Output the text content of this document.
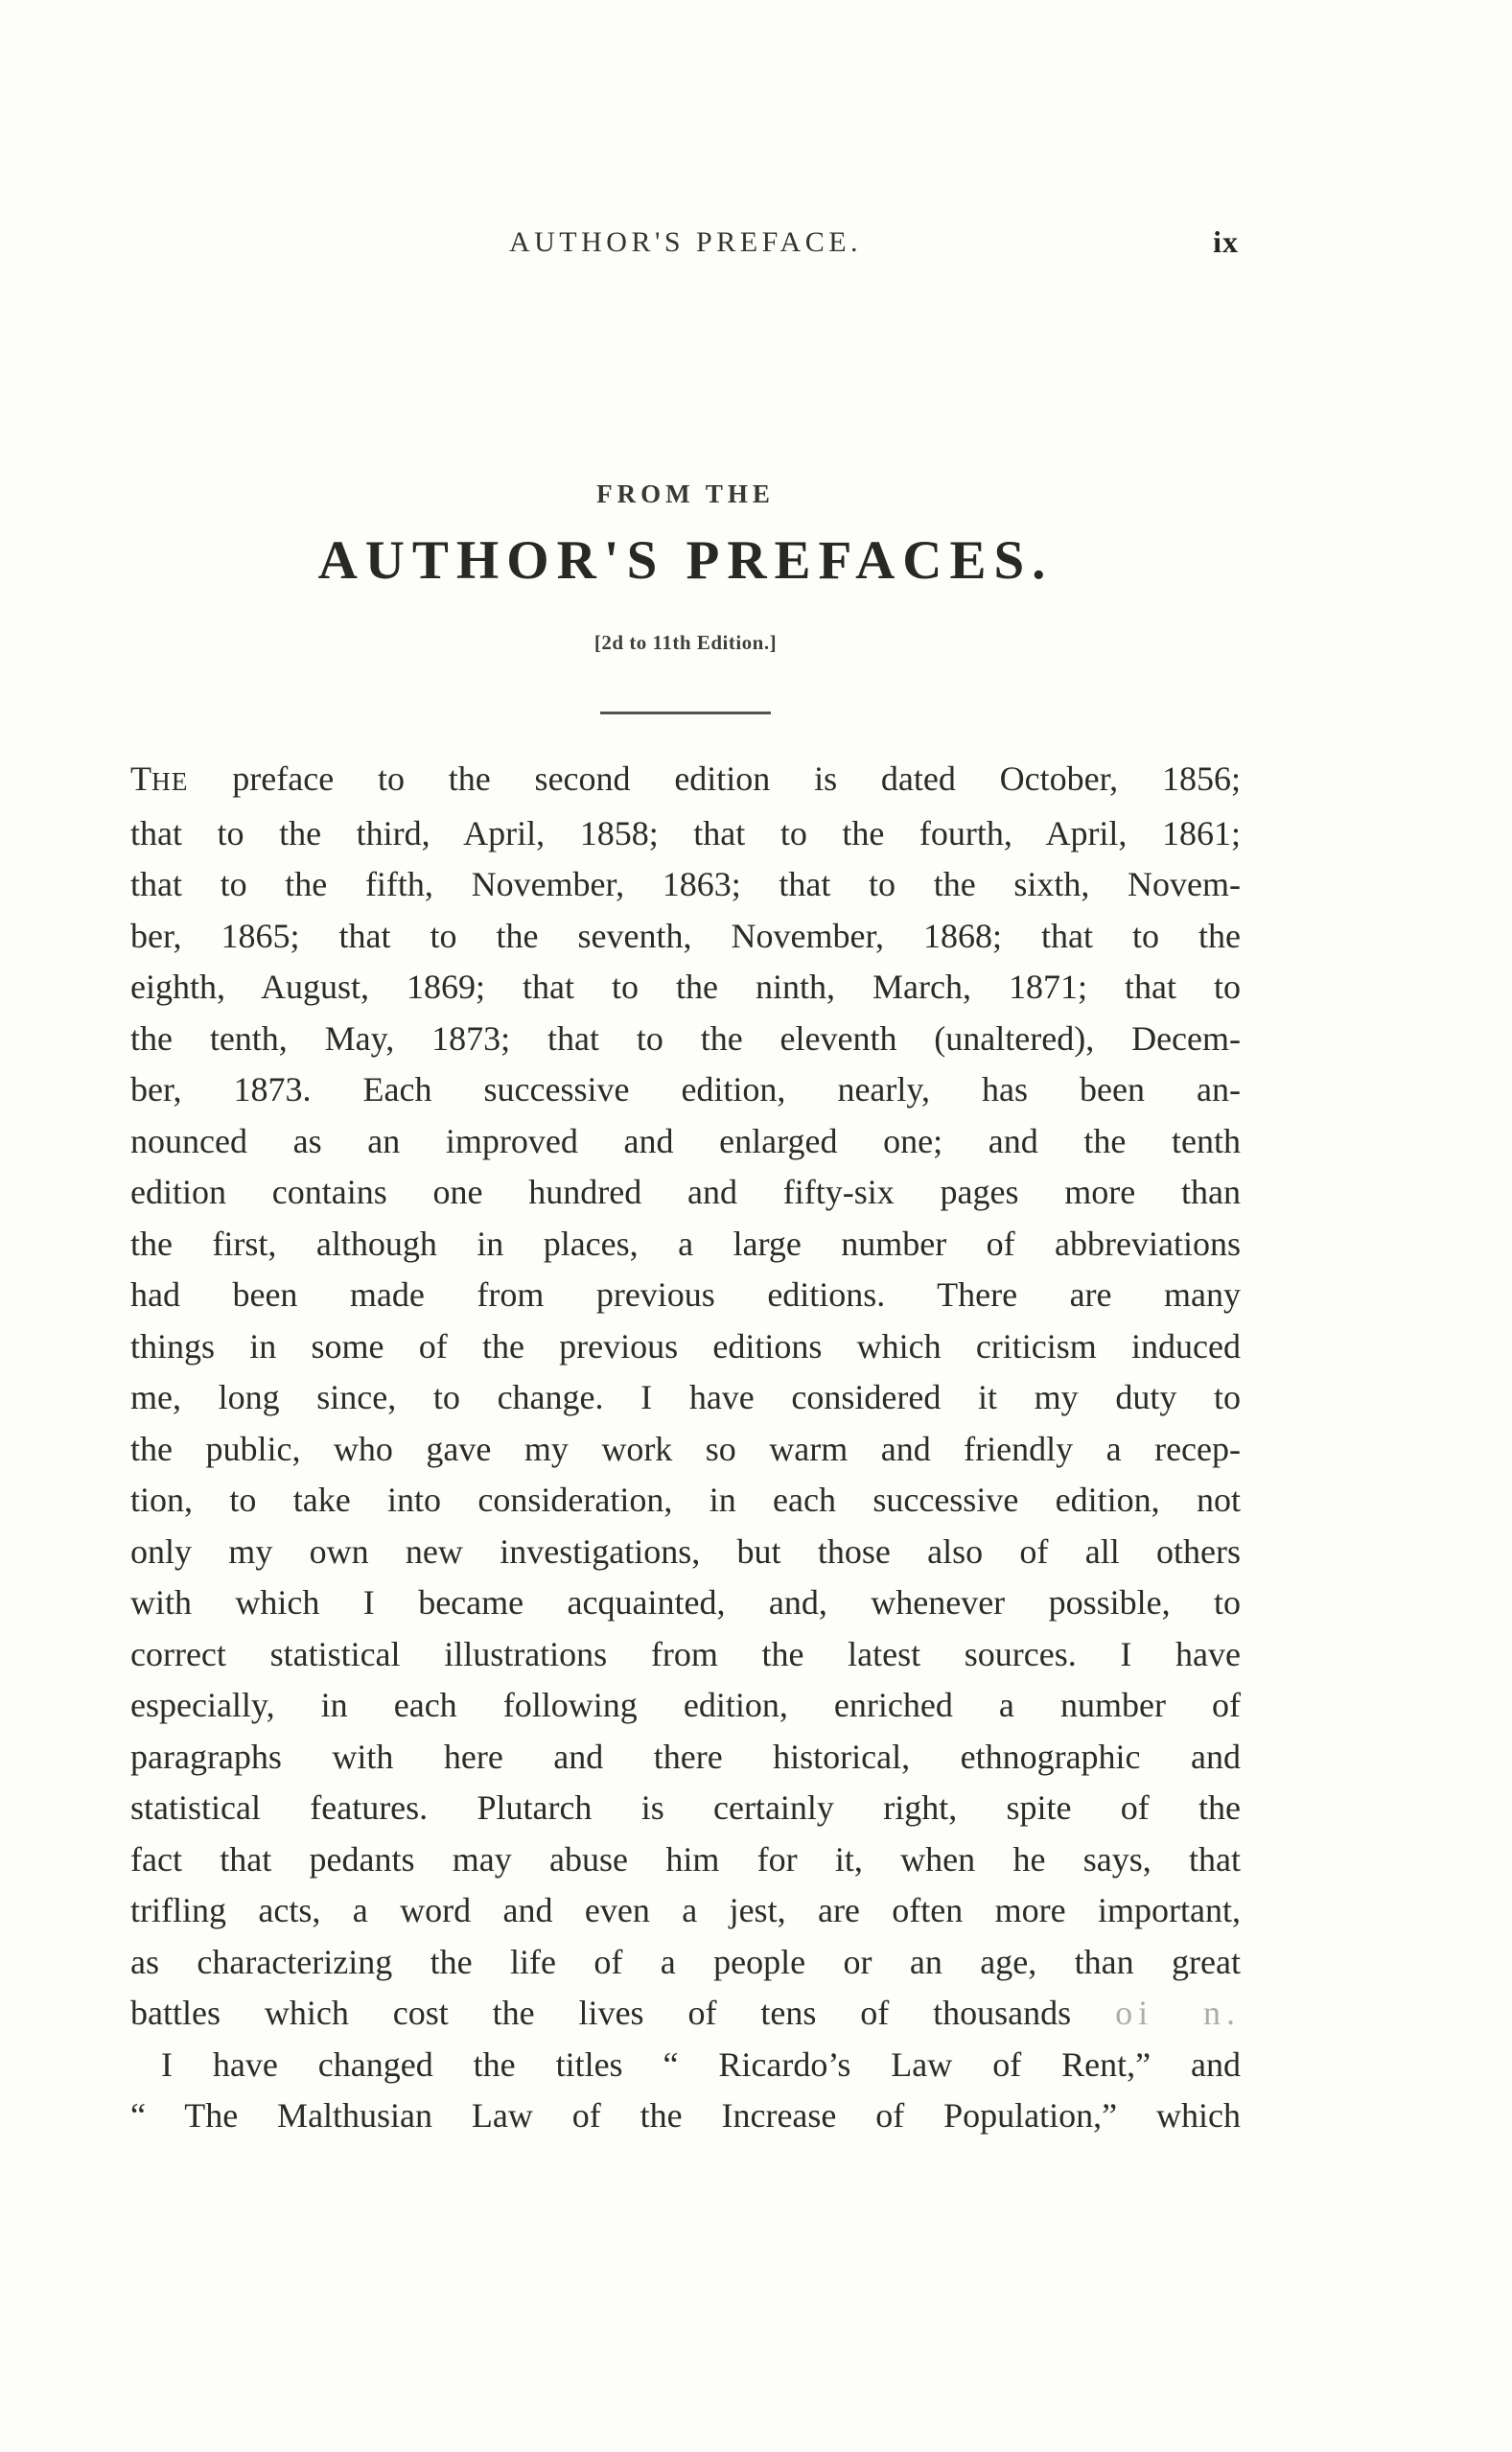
AUTHOR'S PREFACE.	ix
FROM THE
AUTHOR'S PREFACES.
[2d to 11th Edition.]
THE preface to the second edition is dated October, 1856;
that to the third, April, 1858; that to the fourth, April, 1861;
that to the fifth, November, 1863; that to the sixth, Novem-
ber, 1865; that to the seventh, November, 1868; that to the
eighth, August, 1869; that to the ninth, March, 1871; that to
the tenth, May, 1873; that to the eleventh (unaltered), Decem-
ber, 1873. Each successive edition, nearly, has been an-
nounced as an improved and enlarged one; and the tenth
edition contains one hundred and fifty-six pages more than
the first, although in places, a large number of abbreviations
had been made from previous editions. There are many
things in some of the previous editions which criticism induced
me, long since, to change. I have considered it my duty to
the public, who gave my work so warm and friendly a recep-
tion, to take into consideration, in each successive edition, not
only my own new investigations, but those also of all others
with which I became acquainted, and, whenever possible, to
correct statistical illustrations from the latest sources. I have
especially, in each following edition, enriched a number of
paragraphs with here and there historical, ethnographic and
statistical features. Plutarch is certainly right, spite of the
fact that pedants may abuse him for it, when he says, that
trifling acts, a word and even a jest, are often more important,
as characterizing the life of a people or an age, than great
battles which cost the lives of tens of thousands oi n.
I have changed the titles “ Ricardo’s Law of Rent,” and
“ The Malthusian Law of the Increase of Population,” which
